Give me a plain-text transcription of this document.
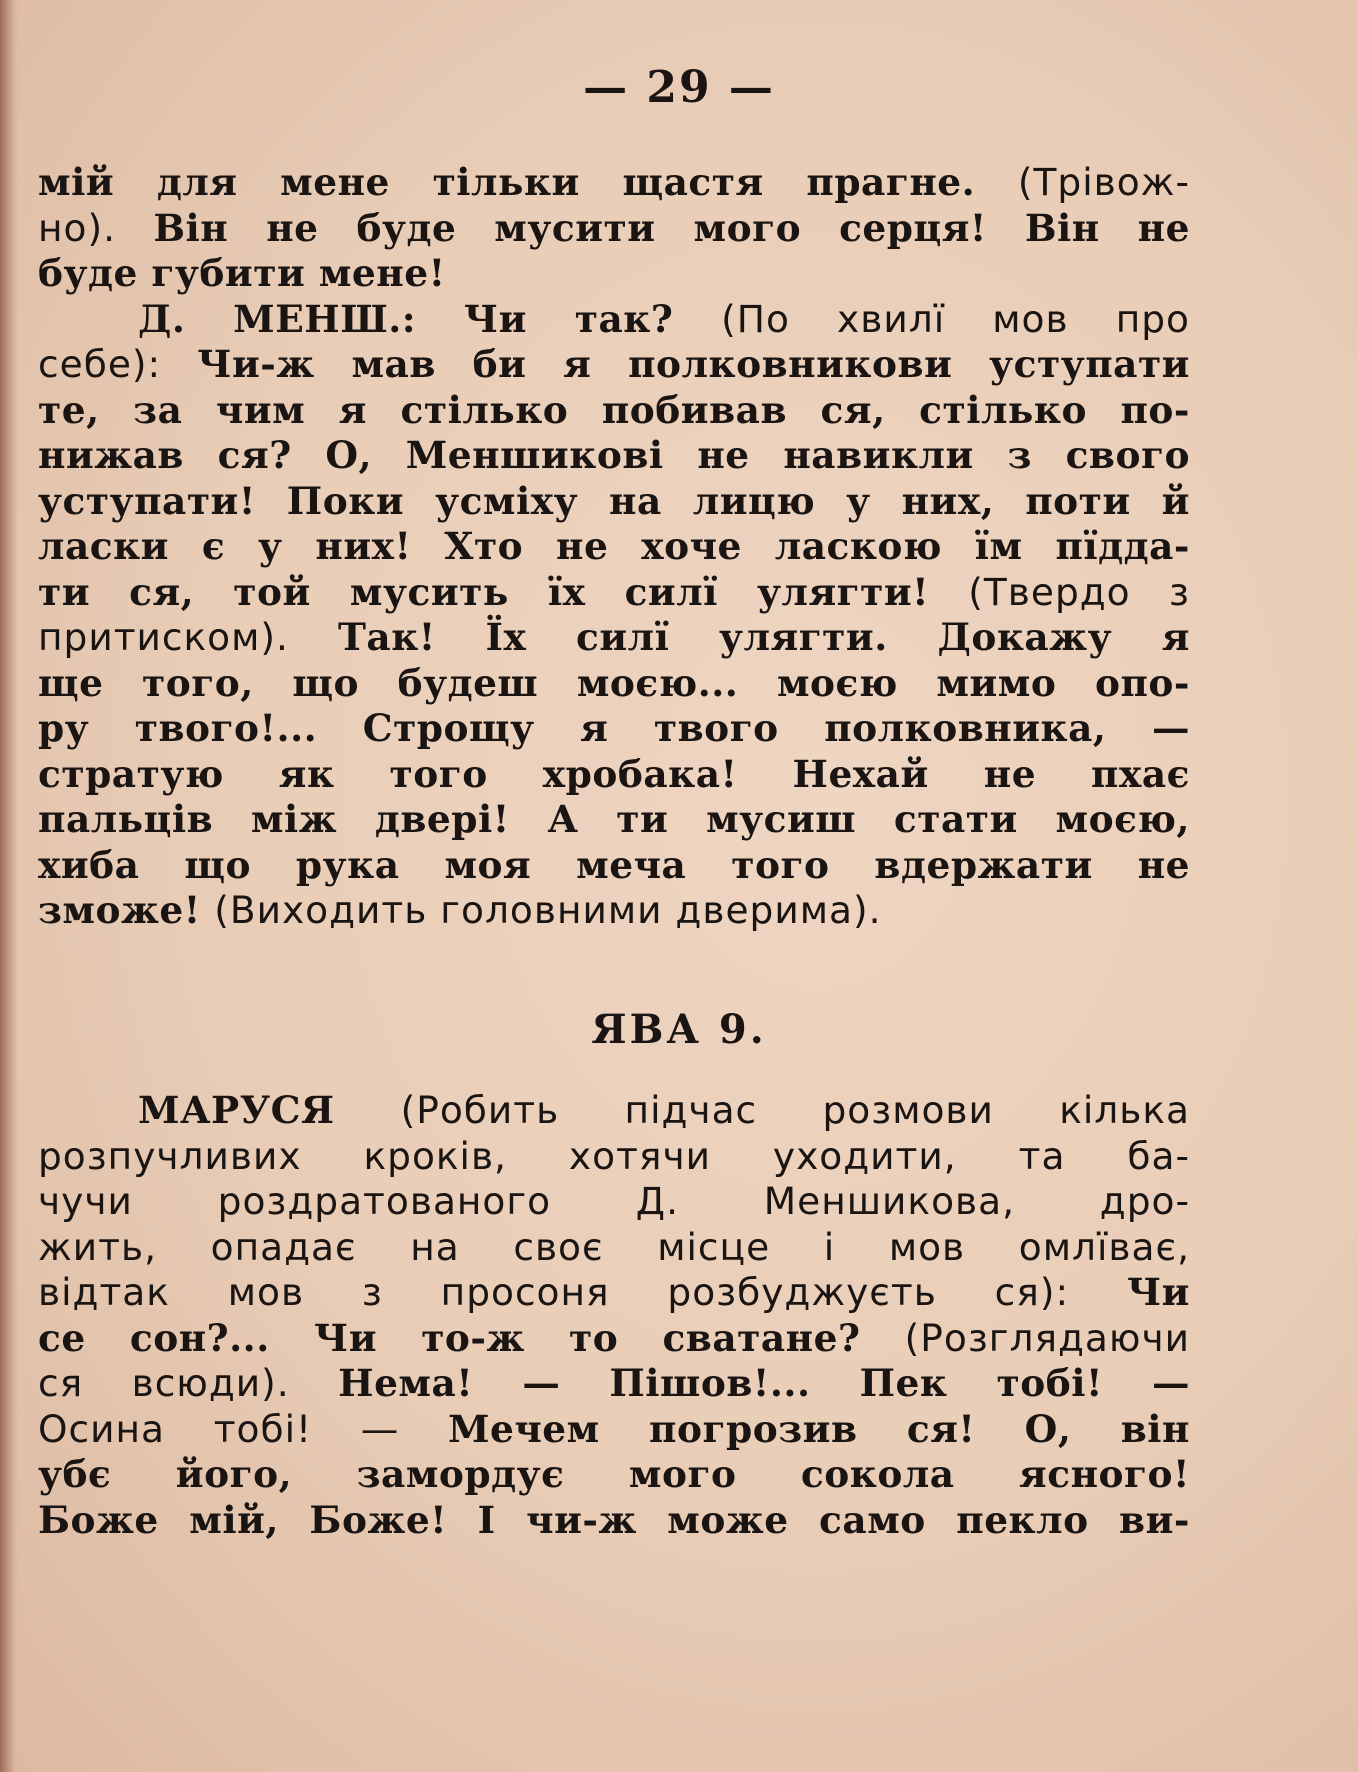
— 29 —
мій для мене тільки щастя прагне. (Трівож-
но). Він не буде мусити мого серця! Він не
буде губити мене!
Д. МЕНШ.: Чи так? (По хвилї мов про
себе): Чи-ж мав би я полковникови уступати
те, за чим я стілько побивав ся, стілько по-
нижав ся? О, Меншикові не навикли з свого
уступати! Поки усміху на лицю у них, поти й
ласки є у них! Хто не хоче ласкою їм пïдда-
ти ся, той мусить їх силї улягти! (Твердо з
притиском). Так! Їх силї улягти. Докажу я
ще того, що будеш моєю... моєю мимо опо-
ру твого!... Строщу я твого полковника, —
стратую як того хробака! Нехай не пхає
пальців між двері! А ти мусиш стати моєю,
хиба що рука моя меча того вдержати не
зможе! (Виходить головними дверима).
ЯВА 9.
МАРУСЯ (Робить підчас розмови кілька
розпучливих кроків, хотячи уходити, та ба-
чучи роздратованого Д. Меншикова, дро-
жить, опадає на своє місце і мов омлїває,
відтак мов з просоня розбуджуєть ся): Чи
се сон?... Чи то-ж то сватане? (Розглядаючи
ся всюди). Нема! — Пішов!... Пек тобі! —
Осина тобі! — Мечем погрозив ся! О, він
убє його, замордує мого сокола ясного!
Боже мій, Боже! І чи-ж може само пекло ви-
